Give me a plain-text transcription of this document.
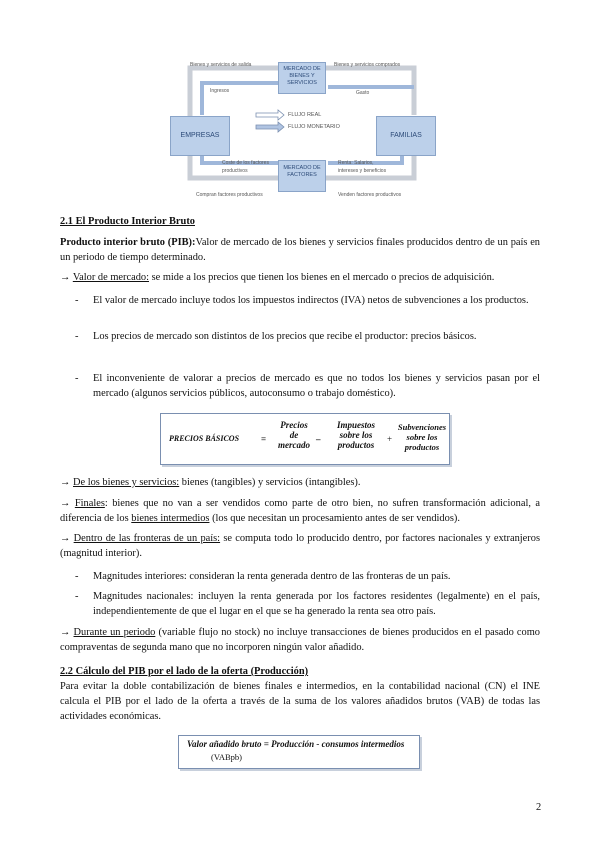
MERCADO DE BIENES Y SERVICIOS
MERCADO DE FACTORES
EMPRESAS	FAMILIAS
Bienes y servicios de salida	Bienes y servicios comprados
Ingresos	Gasto
FLUJO REAL
FLUJO MONETARIO
Coste de los factores
productivos
Compran factores productivos
Renta: Salarios,
intereses y beneficios
Venden factores productivos
2.1 El Producto Interior Bruto
Producto interior bruto (PIB):Valor de mercado de los bienes y servicios finales producidos dentro de un país en un periodo de tiempo determinado.
→ Valor de mercado: se mide a los precios que tienen los bienes en el mercado o precios de adquisición.
- El valor de mercado incluye todos los impuestos indirectos (IVA) netos de subvenciones a los productos.
- Los precios de mercado son distintos de los precios que recibe el productor: precios básicos.
- El inconveniente de valorar a precios de mercado es que no todos los bienes y servicios pasan por el mercado (algunos servicios públicos, autoconsumo o trabajo doméstico).
PRECIOS BÁSICOS =
Precios
de
mercado
–
Impuestos
sobre los
productos
+
Subvenciones
sobre los
productos
→ De los bienes y servicios: bienes (tangibles) y servicios (intangibles).
→ Finales: bienes que no van a ser vendidos como parte de otro bien, no sufren transformación adicional, a diferencia de los bienes intermedios (los que necesitan un procesamiento antes de ser vendidos).
→ Dentro de las fronteras de un país: se computa todo lo producido dentro, por factores nacionales y extranjeros (magnitud interior).
- Magnitudes interiores: consideran la renta generada dentro de las fronteras de un país.
- Magnitudes nacionales: incluyen la renta generada por los factores residentes (legalmente) en el país, independientemente de que el lugar en el que se ha generado la renta sea otro país.
→ Durante un periodo (variable flujo no stock) no incluye transacciones de bienes producidos en el pasado como compraventas de segunda mano que no incorporen ningún valor añadido.
2.2 Cálculo del PIB por el lado de la oferta (Producción)
Para evitar la doble contabilización de bienes finales e intermedios, en la contabilidad nacional (CN) el INE calcula el PIB por el lado de la oferta a través de la suma de los valores añadidos brutos (VAB) de todas las actividades económicas.
Valor añadido bruto = Producción - consumos intermedios
(VABpb)
2
